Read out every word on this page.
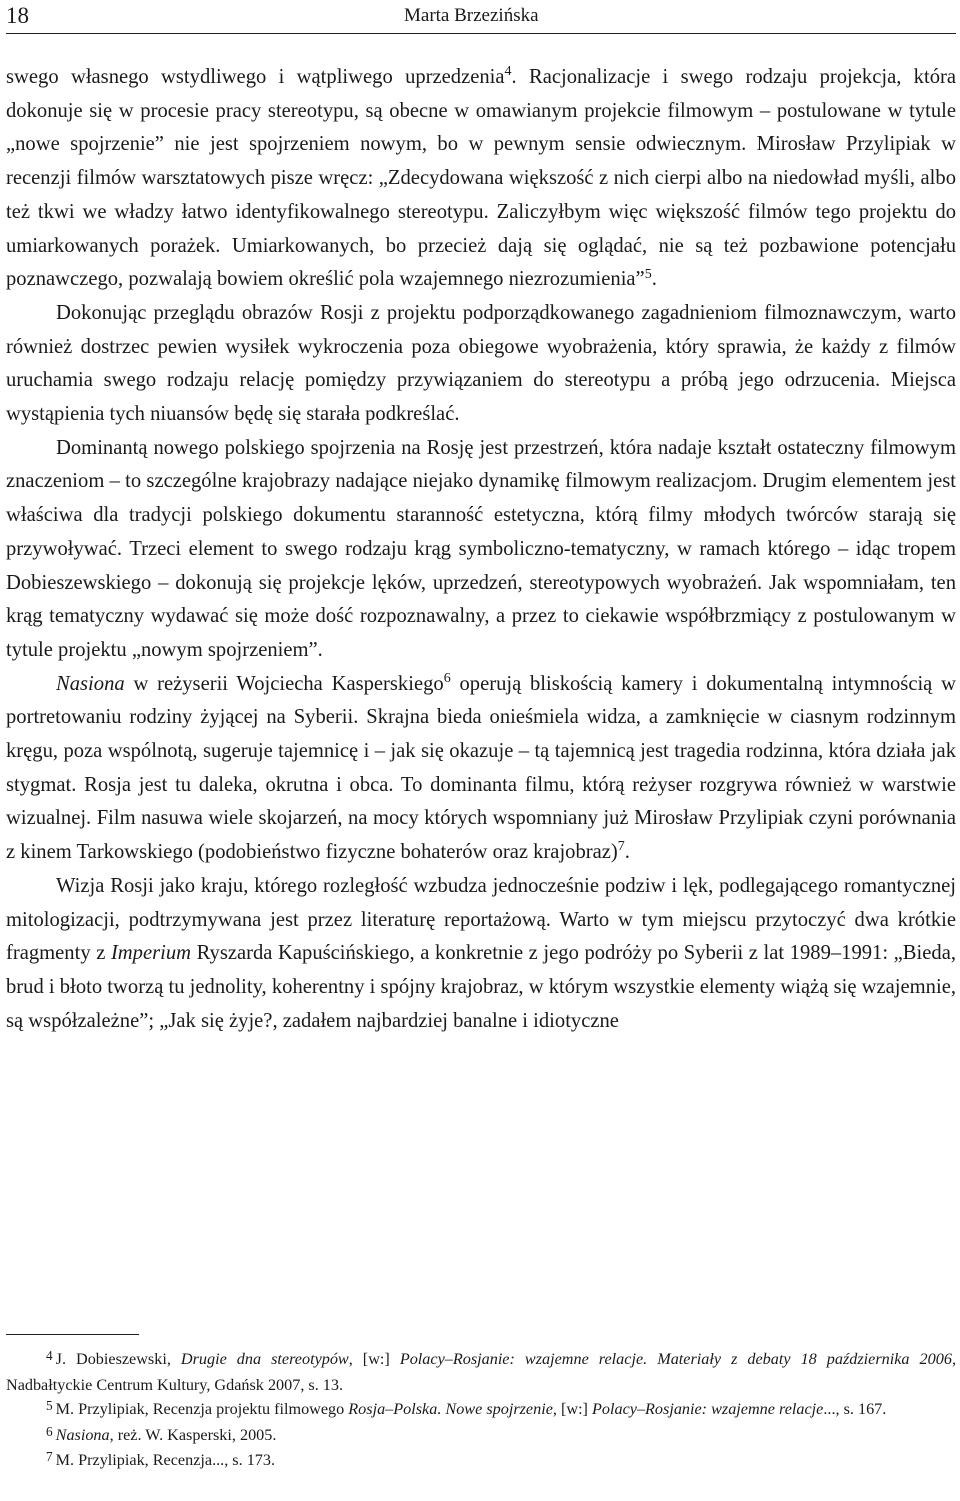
18	Marta Brzezińska

swego własnego wstydliwego i wątpliwego uprzedzenia$^4$. Racjonalizacje i swego rodzaju projekcja, która dokonuje się w procesie pracy stereotypu, są obecne w omawianym projekcie filmowym – postulowane w tytule „nowe spojrzenie” nie jest spojrzeniem nowym, bo w pewnym sensie odwiecznym. Mirosław Przylipiak w recenzji filmów warsztatowych pisze wręcz: „Zdecydowana większość z nich cierpi albo na niedowład myśli, albo też tkwi we władzy łatwo identyfikowalnego stereotypu. Zaliczyłbym więc większość filmów tego projektu do umiarkowanych porażek. Umiarkowanych, bo przecież dają się oglądać, nie są też pozbawione potencjału poznawczego, pozwalają bowiem określić pola wzajemnego niezrozumienia”$^5$.

Dokonując przeglądu obrazów Rosji z projektu podporządkowanego zagadnieniom filmoznawczym, warto również dostrzec pewien wysiłek wykroczenia poza obiegowe wyobrażenia, który sprawia, że każdy z filmów uruchamia swego rodzaju relację pomiędzy przywiązaniem do stereotypu a próbą jego odrzucenia. Miejsca wystąpienia tych niuansów będę się starała podkreślać.

Dominantą nowego polskiego spojrzenia na Rosję jest przestrzeń, która nadaje kształt ostateczny filmowym znaczeniom – to szczególne krajobrazy nadające niejako dynamikę filmowym realizacjom. Drugim elementem jest właściwa dla tradycji polskiego dokumentu staranność estetyczna, którą filmy młodych twórców starają się przywoływać. Trzeci element to swego rodzaju krąg symboliczno-tematyczny, w ramach którego – idąc tropem Dobieszewskiego – dokonują się projekcje lęków, uprzedzeń, stereotypowych wyobrażeń. Jak wspomniałam, ten krąg tematyczny wydawać się może dość rozpoznawalny, a przez to ciekawie współbrzmiący z postulowanym w tytule projektu „nowym spojrzeniem”.

Nasiona w reżyserii Wojciecha Kasperskiego$^6$ operują bliskością kamery i dokumentalną intymnością w portretowaniu rodziny żyjącej na Syberii. Skrajna bieda onieśmiela widza, a zamknięcie w ciasnym rodzinnym kręgu, poza wspólnotą, sugeruje tajemnicę i – jak się okazuje – tą tajemnicą jest tragedia rodzinna, która działa jak stygmat. Rosja jest tu daleka, okrutna i obca. To dominanta filmu, którą reżyser rozgrywa również w warstwie wizualnej. Film nasuwa wiele skojarzeń, na mocy których wspomniany już Mirosław Przylipiak czyni porównania z kinem Tarkowskiego (podobieństwo fizyczne bohaterów oraz krajobraz)$^7$.

Wizja Rosji jako kraju, którego rozległość wzbudza jednocześnie podziw i lęk, podlegającego romantycznej mitologizacji, podtrzymywana jest przez literaturę reportażową. Warto w tym miejscu przytoczyć dwa krótkie fragmenty z Imperium Ryszarda Kapuścińskiego, a konkretnie z jego podróży po Syberii z lat 1989–1991: „Bieda, brud i błoto tworzą tu jednolity, koherentny i spójny krajobraz, w którym wszystkie elementy wiążą się wzajemnie, są współzależne”; „Jak się żyje?, zadałem najbardziej banalne i idiotyczne

$^4$ J. Dobieszewski, Drugie dna stereotypów, [w:] Polacy–Rosjanie: wzajemne relacje. Materiały z debaty 18 października 2006, Nadbałtyckie Centrum Kultury, Gdańsk 2007, s. 13.

$^5$ M. Przylipiak, Recenzja projektu filmowego Rosja–Polska. Nowe spojrzenie, [w:] Polacy–Rosjanie: wzajemne relacje..., s. 167.

$^6$ Nasiona, reż. W. Kasperski, 2005.

$^7$ M. Przylipiak, Recenzja..., s. 173.
